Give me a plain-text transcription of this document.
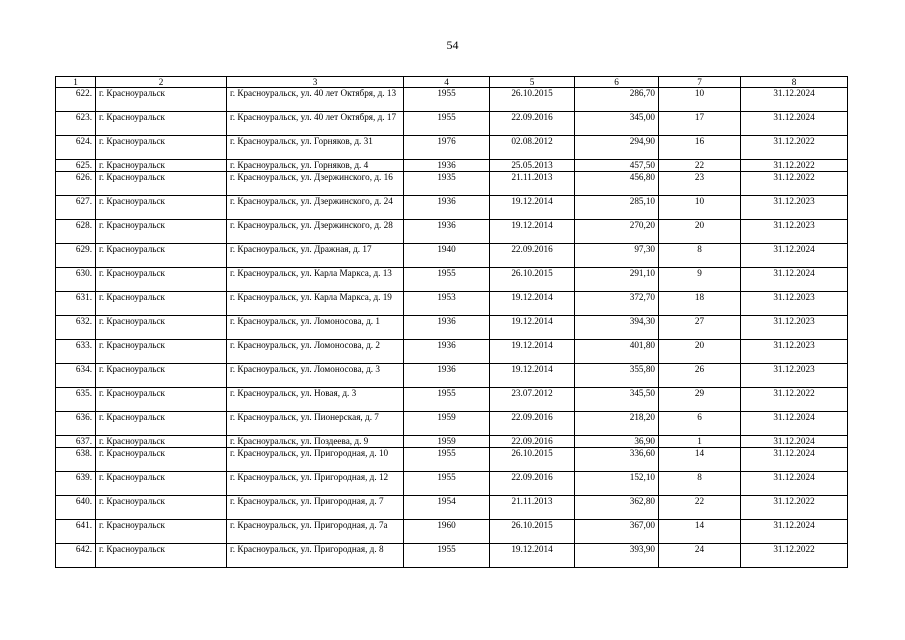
54
1	2	3	4	5	6	7	8
622.	г. Красноуральск	г. Красноуральск, ул. 40 лет Октября, д. 13	1955	26.10.2015	286,70	10	31.12.2024
623.	г. Красноуральск	г. Красноуральск, ул. 40 лет Октября, д. 17	1955	22.09.2016	345,00	17	31.12.2024
624.	г. Красноуральск	г. Красноуральск, ул. Горняков, д. 31	1976	02.08.2012	294,90	16	31.12.2022
625.	г. Красноуральск	г. Красноуральск, ул. Горняков, д. 4	1936	25.05.2013	457,50	22	31.12.2022
626.	г. Красноуральск	г. Красноуральск, ул. Дзержинского, д. 16	1935	21.11.2013	456,80	23	31.12.2022
627.	г. Красноуральск	г. Красноуральск, ул. Дзержинского, д. 24	1936	19.12.2014	285,10	10	31.12.2023
628.	г. Красноуральск	г. Красноуральск, ул. Дзержинского, д. 28	1936	19.12.2014	270,20	20	31.12.2023
629.	г. Красноуральск	г. Красноуральск, ул. Дражная, д. 17	1940	22.09.2016	97,30	8	31.12.2024
630.	г. Красноуральск	г. Красноуральск, ул. Карла Маркса, д. 13	1955	26.10.2015	291,10	9	31.12.2024
631.	г. Красноуральск	г. Красноуральск, ул. Карла Маркса, д. 19	1953	19.12.2014	372,70	18	31.12.2023
632.	г. Красноуральск	г. Красноуральск, ул. Ломоносова, д. 1	1936	19.12.2014	394,30	27	31.12.2023
633.	г. Красноуральск	г. Красноуральск, ул. Ломоносова, д. 2	1936	19.12.2014	401,80	20	31.12.2023
634.	г. Красноуральск	г. Красноуральск, ул. Ломоносова, д. 3	1936	19.12.2014	355,80	26	31.12.2023
635.	г. Красноуральск	г. Красноуральск, ул. Новая, д. 3	1955	23.07.2012	345,50	29	31.12.2022
636.	г. Красноуральск	г. Красноуральск, ул. Пионерская, д. 7	1959	22.09.2016	218,20	6	31.12.2024
637.	г. Красноуральск	г. Красноуральск, ул. Поздеева, д. 9	1959	22.09.2016	36,90	1	31.12.2024
638.	г. Красноуральск	г. Красноуральск, ул. Пригородная, д. 10	1955	26.10.2015	336,60	14	31.12.2024
639.	г. Красноуральск	г. Красноуральск, ул. Пригородная, д. 12	1955	22.09.2016	152,10	8	31.12.2024
640.	г. Красноуральск	г. Красноуральск, ул. Пригородная, д. 7	1954	21.11.2013	362,80	22	31.12.2022
641.	г. Красноуральск	г. Красноуральск, ул. Пригородная, д. 7а	1960	26.10.2015	367,00	14	31.12.2024
642.	г. Красноуральск	г. Красноуральск, ул. Пригородная, д. 8	1955	19.12.2014	393,90	24	31.12.2022
